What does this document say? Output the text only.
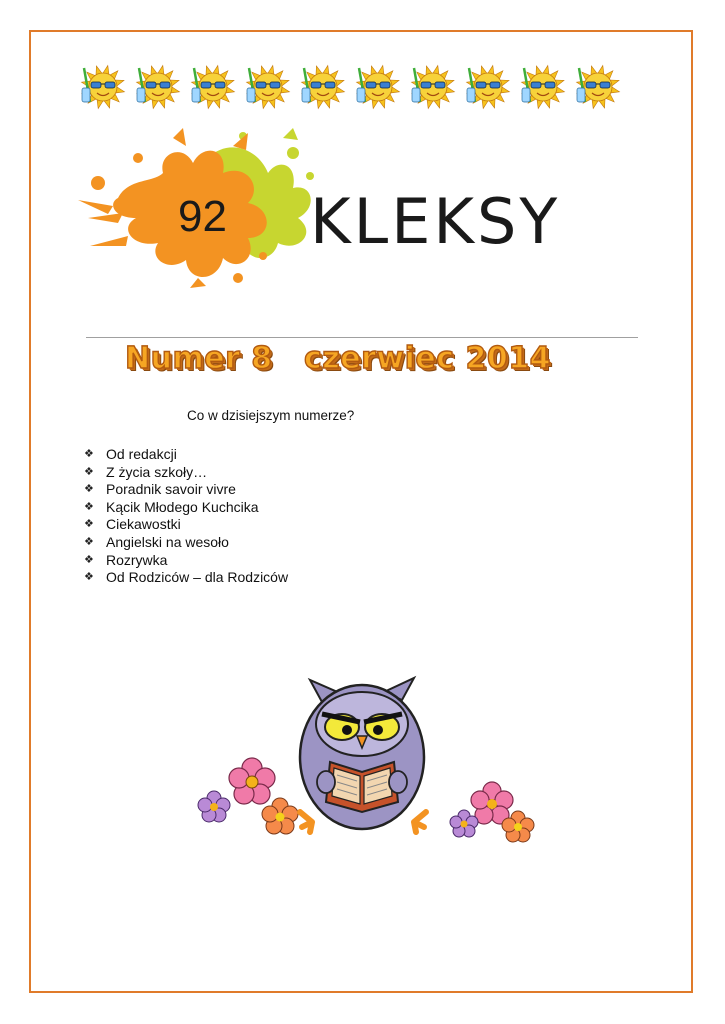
92 KLEKSY
Numer 8 czerwiec 2014
Co w dzisiejszym numerze?
❖ Od redakcji
❖ Z życia szkoły…
❖ Poradnik savoir vivre
❖ Kącik Młodego Kuchcika
❖ Ciekawostki
❖ Angielski na wesoło
❖ Rozrywka
❖ Od Rodziców – dla Rodziców
